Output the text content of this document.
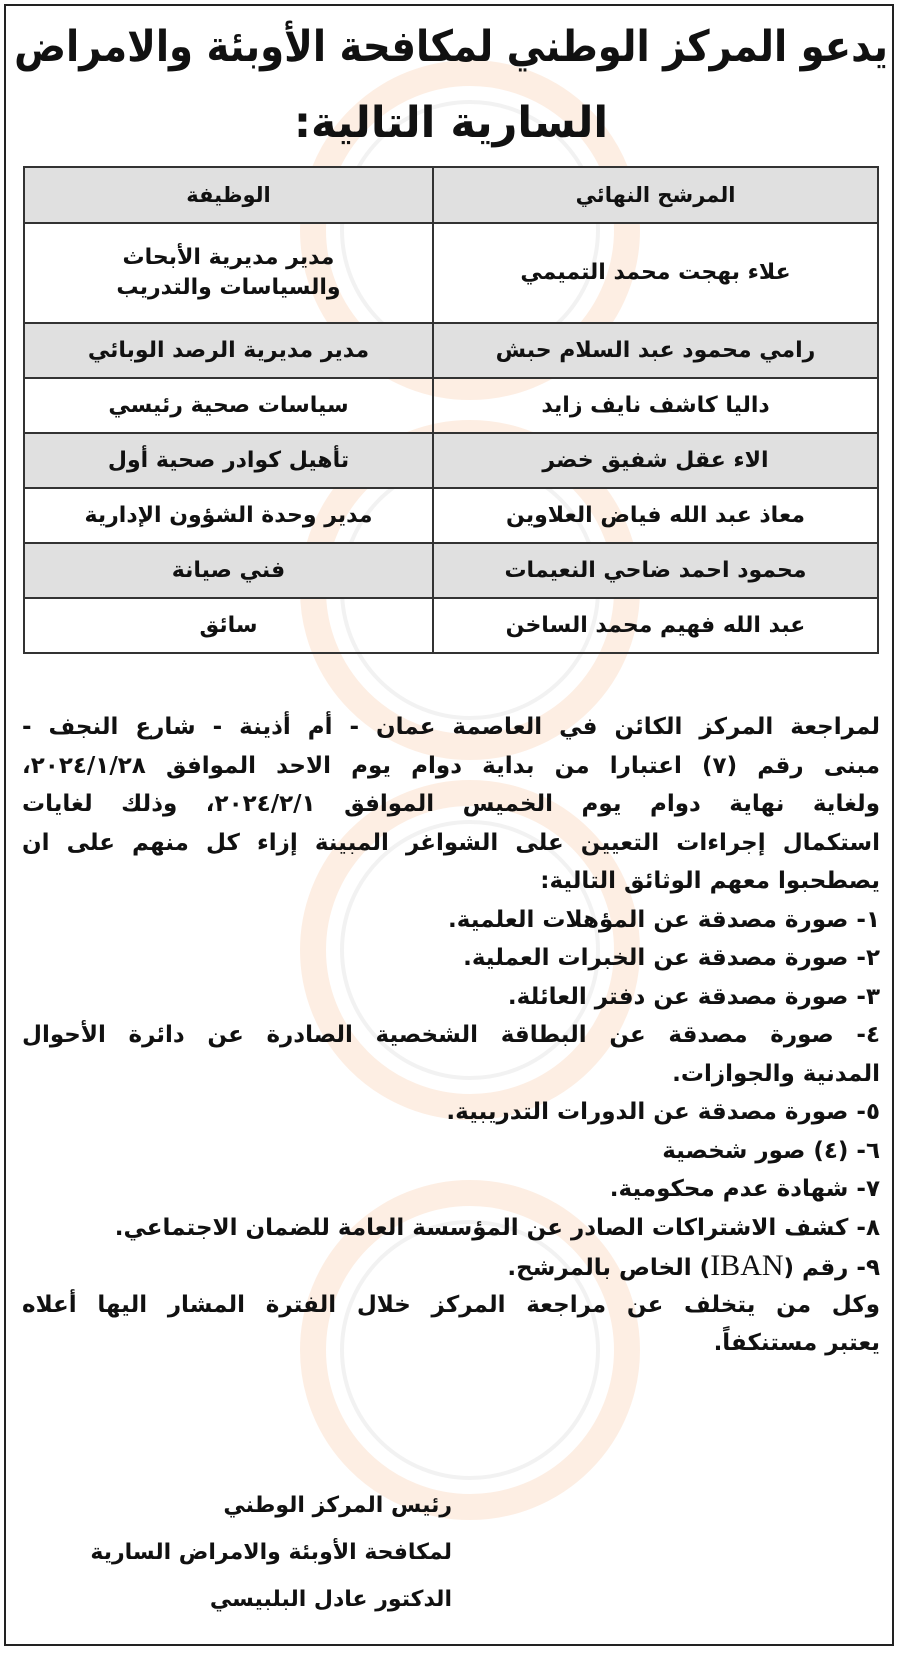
يدعو المركز الوطني لمكافحة الأوبئة والامراض
السارية التالية:
المرشح النهائي	الوظيفة
علاء بهجت محمد التميمي	مدير مديرية الأبحاث
والسياسات والتدريب

رامي محمود عبد السلام حبش	مدير مديرية الرصد الوبائي
داليا كاشف نايف زايد	سياسات صحية رئيسي
الاء عقل شفيق خضر	تأهيل كوادر صحية أول
معاذ عبد الله فياض العلاوين	مدير وحدة الشؤون الإدارية
محمود احمد ضاحي النعيمات	فني صيانة
عبد الله فهيم محمد الساخن	سائق
لمراجعة المركز الكائن في العاصمة عمان - أم أذينة - شارع النجف -
مبنى رقم (٧) اعتبارا من بداية دوام يوم الاحد الموافق ٢٠٢٤/١/٢٨،
ولغاية نهاية دوام يوم الخميس الموافق ٢٠٢٤/٢/١، وذلك لغايات
استكمال إجراءات التعيين على الشواغر المبينة إزاء كل منهم على ان
يصطحبوا معهم الوثائق التالية:
١- صورة مصدقة عن المؤهلات العلمية.
٢- صورة مصدقة عن الخبرات العملية.
٣- صورة مصدقة عن دفتر العائلة.
٤- صورة مصدقة عن البطاقة الشخصية الصادرة عن دائرة الأحوال
المدنية والجوازات.
٥- صورة مصدقة عن الدورات التدريبية.
٦- (٤) صور شخصية
٧- شهادة عدم محكومية.
٨- كشف الاشتراكات الصادر عن المؤسسة العامة للضمان الاجتماعي.
٩- رقم (IBAN) الخاص بالمرشح.
وكل من يتخلف عن مراجعة المركز خلال الفترة المشار اليها أعلاه
يعتبر مستنكفاً.
رئيس المركز الوطني
لمكافحة الأوبئة والامراض السارية
الدكتور عادل البلبيسي
